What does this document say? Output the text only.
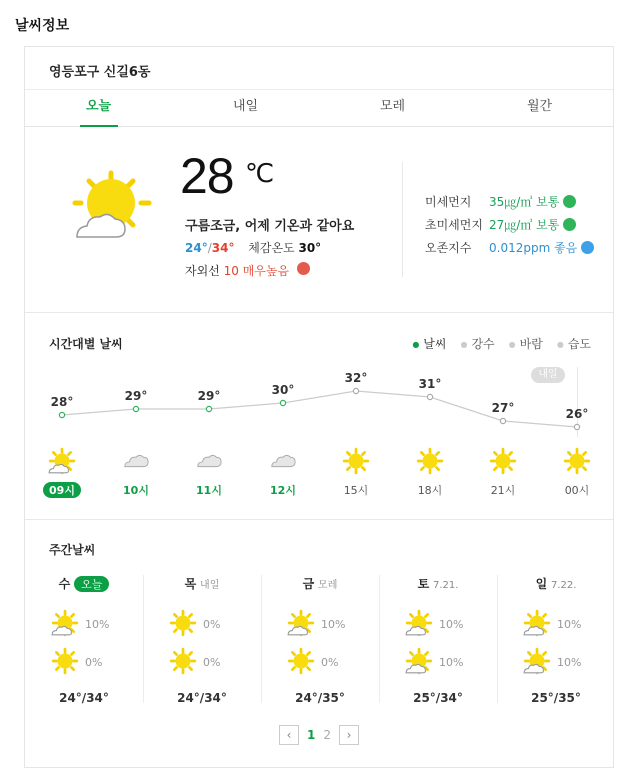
날씨정보
영등포구 신길6동
오늘	내일	모레	월간
28 ℃
구름조금, 어제 기온과 같아요
24°/34° 체감온도 30°
자외선 10 매우높음
미세먼지	35㎍/㎥ 보통
초미세먼지 27㎍/㎥ 보통
오존지수	0.012ppm 좋음
시간대별 날씨	● 날씨	● 강수	● 바람	● 습도
내일
28°
09시
29°
10시
29°
11시
30°
12시
32°
15시
31°
18시
27°
21시
26°
00시
주간날씨
수 오늘
10%
0%
24°/34°
목 내일
0%
0%
24°/34°
금 모레
10%
0%
24°/35°
토 7.21.
10%
10%
25°/34°
일 7.22.
10%
10%
25°/35°
‹	1 2	›
